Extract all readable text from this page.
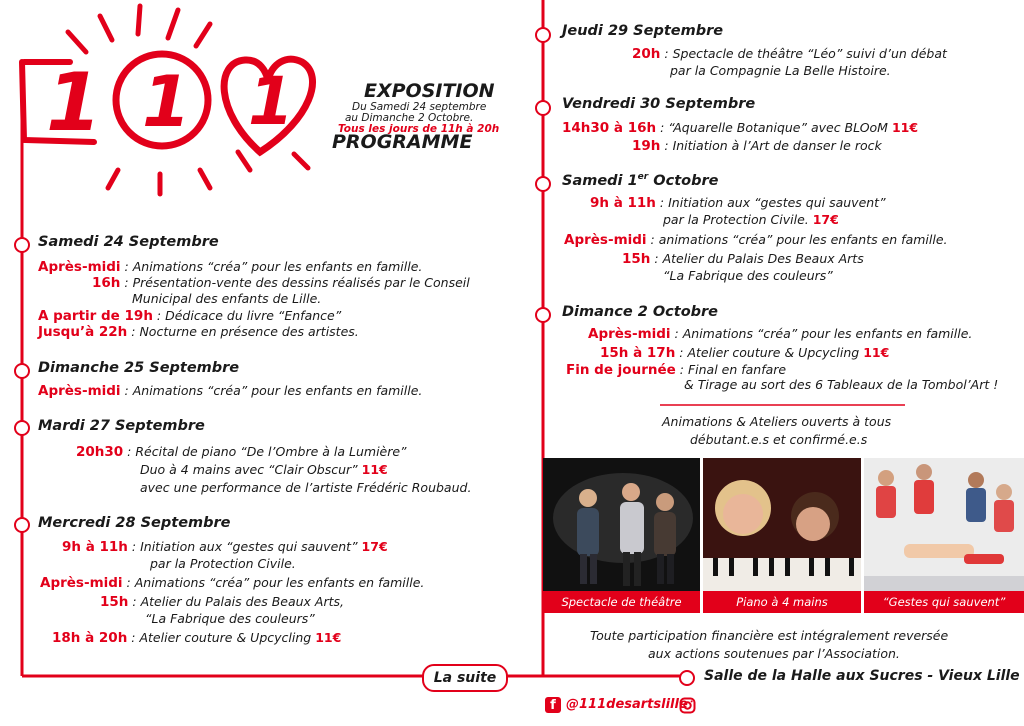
1 1 1	EXPOSITION
Du Samedi 24 septembre
au Dimanche 2 Octobre.
Tous les jours de 11h à 20h
PROGRAMME
Samedi 24 Septembre
Après-midi : Animations “créa” pour les enfants en famille.
16h : Présentation-vente des dessins réalisés par le Conseil
Municipal des enfants de Lille.
A partir de 19h : Dédicace du livre “Enfance”
Jusqu’à 22h : Nocturne en présence des artistes.
Dimanche 25 Septembre
Après-midi : Animations “créa” pour les enfants en famille.
Mardi 27 Septembre
20h30 : Récital de piano “De l’Ombre à la Lumière”
Duo à 4 mains avec “Clair Obscur” 11€
avec une performance de l’artiste Frédéric Roubaud.
Mercredi 28 Septembre
9h à 11h : Initiation aux “gestes qui sauvent” 17€
par la Protection Civile.
Après-midi : Animations “créa” pour les enfants en famille.
15h : Atelier du Palais des Beaux Arts,
“La Fabrique des couleurs”
18h à 20h : Atelier couture & Upcycling 11€
Jeudi 29 Septembre
20h : Spectacle de théâtre “Léo” suivi d’un débat
par la Compagnie La Belle Histoire.
Vendredi 30 Septembre
14h30 à 16h : “Aquarelle Botanique” avec BLOoM 11€
19h : Initiation à l’Art de danser le rock
Samedi 1er Octobre
9h à 11h : Initiation aux “gestes qui sauvent”
par la Protection Civile. 17€
Après-midi : animations “créa” pour les enfants en famille.
15h : Atelier du Palais Des Beaux Arts
“La Fabrique des couleurs”
Dimance 2 Octobre
Après-midi : Animations “créa” pour les enfants en famille.
15h à 17h : Atelier couture & Upcycling 11€
Fin de journée : Final en fanfare
& Tirage au sort des 6 Tableaux de la Tombol’Art !
Animations & Ateliers ouverts à tous
débutant.e.s et confirmé.e.s
Spectacle de théâtre	Piano à 4 mains	“Gestes qui sauvent”
Toute participation financière est intégralement reversée
aux actions soutenues par l’Association.
La suite	Salle de la Halle aux Sucres - Vieux Lille
f @111desartslille
